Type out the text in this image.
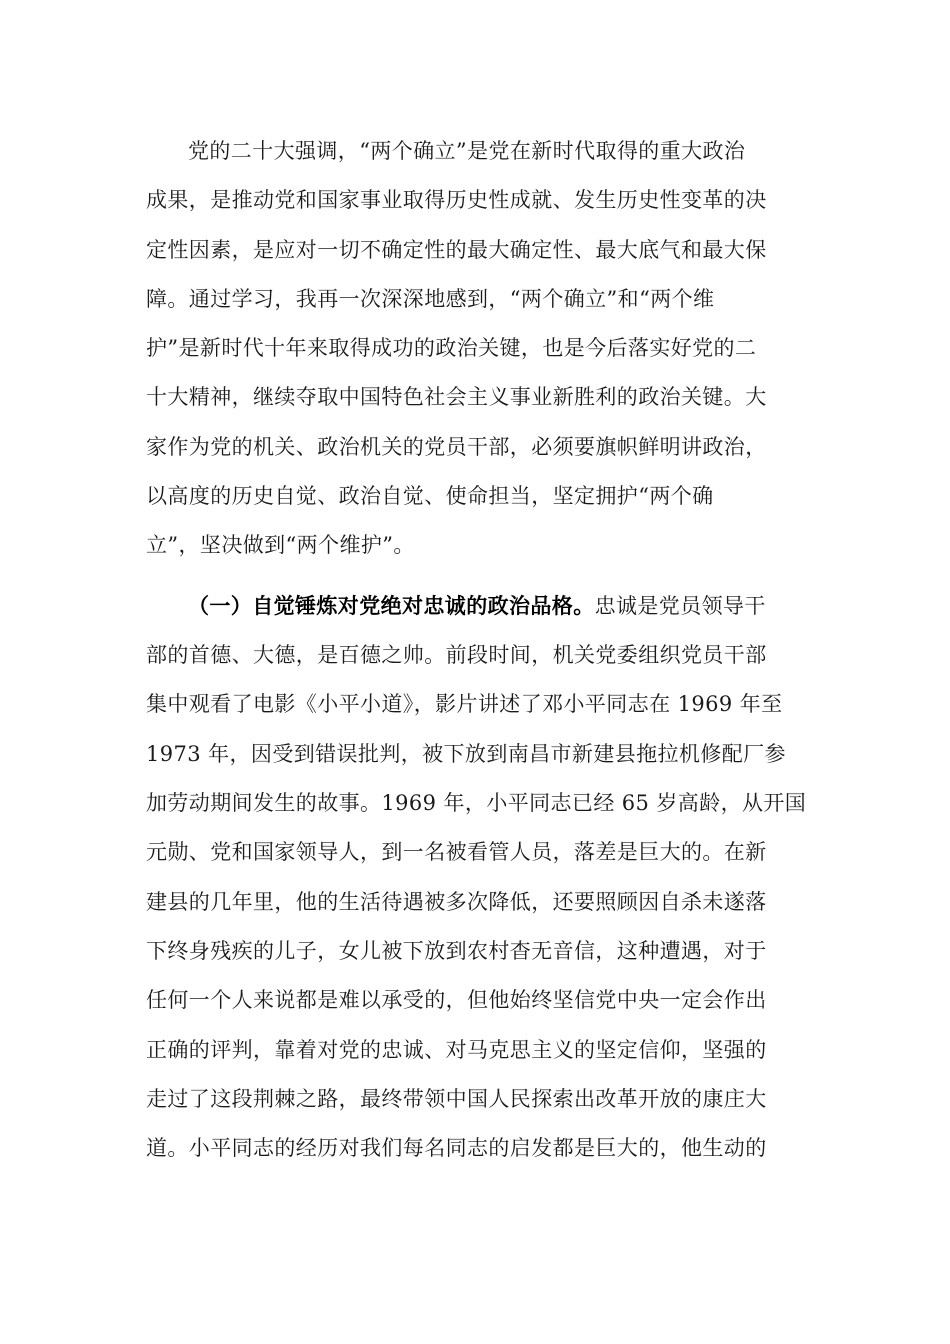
党的二十大强调，“两个确立”是党在新时代取得的重大政治
成果，是推动党和国家事业取得历史性成就、发生历史性变革的决
定性因素，是应对一切不确定性的最大确定性、最大底气和最大保
障。通过学习，我再一次深深地感到，“两个确立”和“两个维
护”是新时代十年来取得成功的政治关键，也是今后落实好党的二
十大精神，继续夺取中国特色社会主义事业新胜利的政治关键。大
家作为党的机关、政治机关的党员干部，必须要旗帜鲜明讲政治，
以高度的历史自觉、政治自觉、使命担当，坚定拥护“两个确
立”，坚决做到“两个维护”。
（一）自觉锤炼对党绝对忠诚的政治品格。忠诚是党员领导干
部的首德、大德，是百德之帅。前段时间，机关党委组织党员干部
集中观看了电影《小平小道》，影片讲述了邓小平同志在 1969 年至
1973 年，因受到错误批判，被下放到南昌市新建县拖拉机修配厂参
加劳动期间发生的故事。1969 年，小平同志已经 65 岁高龄，从开国
元勋、党和国家领导人，到一名被看管人员，落差是巨大的。在新
建县的几年里，他的生活待遇被多次降低，还要照顾因自杀未遂落
下终身残疾的儿子，女儿被下放到农村杳无音信，这种遭遇，对于
任何一个人来说都是难以承受的，但他始终坚信党中央一定会作出
正确的评判，靠着对党的忠诚、对马克思主义的坚定信仰，坚强的
走过了这段荆棘之路，最终带领中国人民探索出改革开放的康庄大
道。小平同志的经历对我们每名同志的启发都是巨大的，他生动的
